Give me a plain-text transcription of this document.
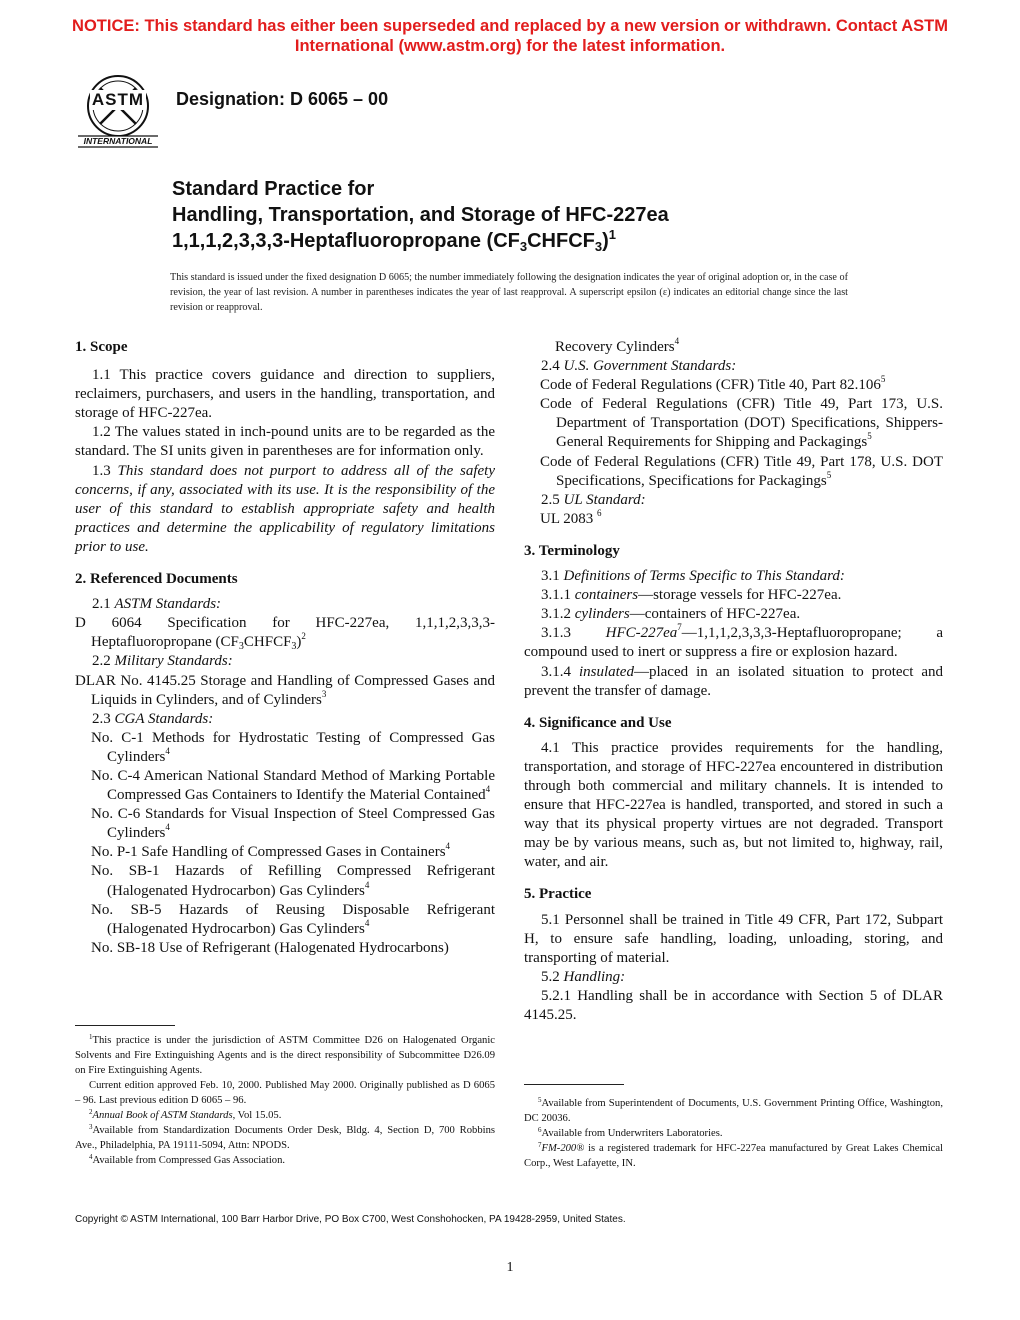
NOTICE: This standard has either been superseded and replaced by a new version or withdrawn. Contact ASTM
International (www.astm.org) for the latest information.
ASTM
INTERNATIONAL
Designation: D 6065 – 00
Standard Practice for
Handling, Transportation, and Storage of HFC-227ea
1,1,1,2,3,3,3-Heptafluoropropane $(CF_3CHFCF_3)^1$
This standard is issued under the fixed designation D 6065; the number immediately following the designation indicates the year of original adoption or, in the case of revision, the year of last revision. A number in parentheses indicates the year of last reapproval. A superscript epsilon (ε) indicates an editorial change since the last revision or reapproval.

1. Scope

1.1 This practice covers guidance and direction to suppliers, reclaimers, purchasers, and users in the handling, transportation, and storage of HFC-227ea.

1.2 The values stated in inch-pound units are to be regarded as the standard. The SI units given in parentheses are for information only.

1.3 This standard does not purport to address all of the safety concerns, if any, associated with its use. It is the responsibility of the user of this standard to establish appropriate safety and health practices and determine the applicability of regulatory limitations prior to use.

2. Referenced Documents

2.1 ASTM Standards:

D 6064 Specification for HFC-227ea, 1,1,1,2,3,3,3-Heptafluoropropane $(CF_3CHFCF_3)^2$

2.2 Military Standards:

DLAR No. 4145.25 Storage and Handling of Compressed Gases and Liquids in Cylinders, and of Cylinders$^3$

2.3 CGA Standards:

No. C-1 Methods for Hydrostatic Testing of Compressed Gas Cylinders$^4$

No. C-4 American National Standard Method of Marking Portable Compressed Gas Containers to Identify the Material Contained$^4$

No. C-6 Standards for Visual Inspection of Steel Compressed Gas Cylinders$^4$

No. P-1 Safe Handling of Compressed Gases in Containers$^4$

No. SB-1 Hazards of Refilling Compressed Refrigerant (Halogenated Hydrocarbon) Gas Cylinders$^4$

No. SB-5 Hazards of Reusing Disposable Refrigerant (Halogenated Hydrocarbon) Gas Cylinders$^4$

No. SB-18 Use of Refrigerant (Halogenated Hydrocarbons)

Recovery Cylinders$^4$

2.4 U.S. Government Standards:

Code of Federal Regulations (CFR) Title 40, Part 82.106$^5$

Code of Federal Regulations (CFR) Title 49, Part 173, U.S. Department of Transportation (DOT) Specifications, Shippers-General Requirements for Shipping and Packagings$^5$

Code of Federal Regulations (CFR) Title 49, Part 178, U.S. DOT Specifications, Specifications for Packagings$^5$

2.5 UL Standard:

UL 2083 $^6$

3. Terminology

3.1 Definitions of Terms Specific to This Standard:

3.1.1 containers—storage vessels for HFC-227ea.

3.1.2 cylinders—containers of HFC-227ea.

3.1.3 HFC-227ea$^7$—1,1,1,2,3,3,3-Heptafluoropropane; a compound used to inert or suppress a fire or explosion hazard.

3.1.4 insulated—placed in an isolated situation to protect and prevent the transfer of damage.

4. Significance and Use

4.1 This practice provides requirements for the handling, transportation, and storage of HFC-227ea encountered in distribution through both commercial and military channels. It is intended to ensure that HFC-227ea is handled, transported, and stored in such a way that its physical property virtues are not degraded. Transport may be by various means, such as, but not limited to, highway, rail, water, and air.

5. Practice

5.1 Personnel shall be trained in Title 49 CFR, Part 172, Subpart H, to ensure safe handling, loading, unloading, storing, and transporting of material.

5.2 Handling:

5.2.1 Handling shall be in accordance with Section 5 of DLAR 4145.25.

$^1$This practice is under the jurisdiction of ASTM Committee D26 on Halogenated Organic Solvents and Fire Extinguishing Agents and is the direct responsibility of Subcommittee D26.09 on Fire Extinguishing Agents.

Current edition approved Feb. 10, 2000. Published May 2000. Originally published as D 6065 – 96. Last previous edition D 6065 – 96.

$^2$Annual Book of ASTM Standards, Vol 15.05.

$^3$Available from Standardization Documents Order Desk, Bldg. 4, Section D, 700 Robbins Ave., Philadelphia, PA 19111-5094, Attn: NPODS.

$^4$Available from Compressed Gas Association.

$^5$Available from Superintendent of Documents, U.S. Government Printing Office, Washington, DC 20036.

$^6$Available from Underwriters Laboratories.

$^7$FM-200® is a registered trademark for HFC-227ea manufactured by Great Lakes Chemical Corp., West Lafayette, IN.

Copyright © ASTM International, 100 Barr Harbor Drive, PO Box C700, West Conshohocken, PA 19428-2959, United States.
1
